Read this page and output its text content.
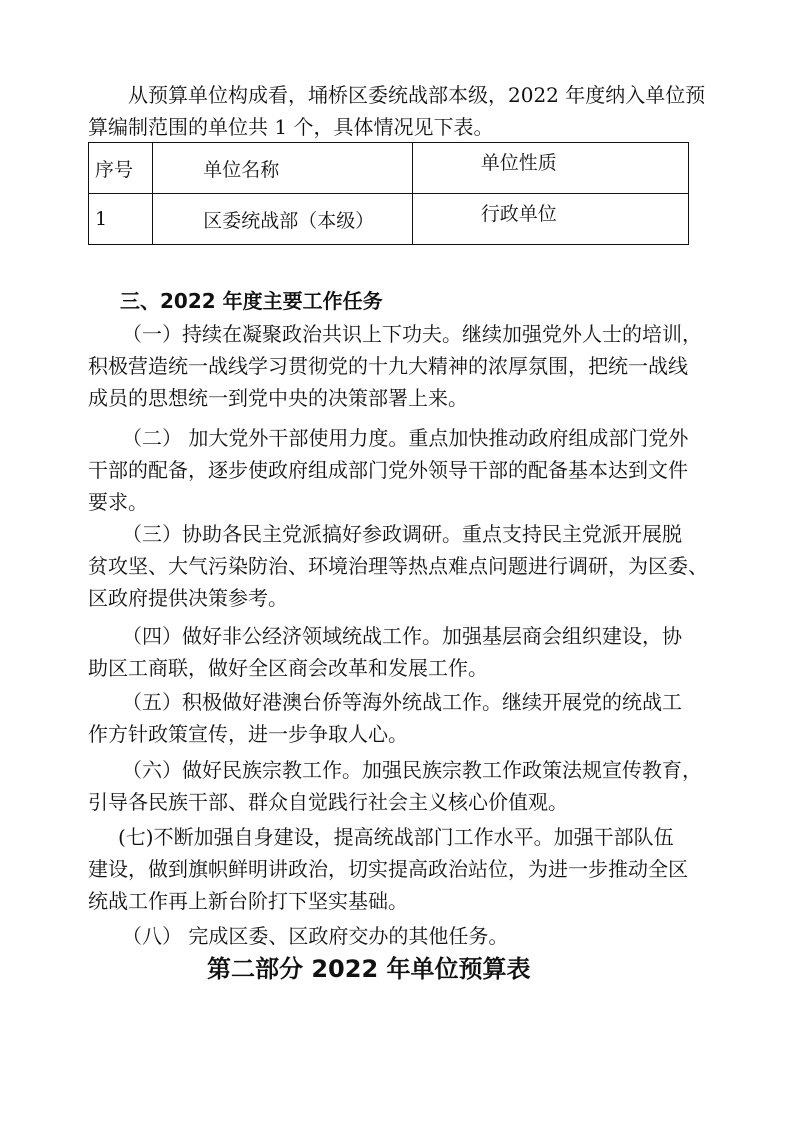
从预算单位构成看，埇桥区委统战部本级，2022 年度纳入单位预
算编制范围的单位共 1 个，具体情况见下表。
序号	单位名称	单位性质

1	区委统战部（本级）	行政单位
三、2022 年度主要工作任务
（一）持续在凝聚政治共识上下功夫。继续加强党外人士的培训，
积极营造统一战线学习贯彻党的十九大精神的浓厚氛围，把统一战线
成员的思想统一到党中央的决策部署上来。
（二） 加大党外干部使用力度。重点加快推动政府组成部门党外
干部的配备，逐步使政府组成部门党外领导干部的配备基本达到文件
要求。
（三）协助各民主党派搞好参政调研。重点支持民主党派开展脱
贫攻坚、大气污染防治、环境治理等热点难点问题进行调研，为区委、
区政府提供决策参考。
（四）做好非公经济领域统战工作。加强基层商会组织建设，协
助区工商联，做好全区商会改革和发展工作。
（五）积极做好港澳台侨等海外统战工作。继续开展党的统战工
作方针政策宣传，进一步争取人心。
（六）做好民族宗教工作。加强民族宗教工作政策法规宣传教育，
引导各民族干部、群众自觉践行社会主义核心价值观。
(七)不断加强自身建设，提高统战部门工作水平。加强干部队伍
建设，做到旗帜鲜明讲政治，切实提高政治站位，为进一步推动全区
统战工作再上新台阶打下坚实基础。
（八） 完成区委、区政府交办的其他任务。
第二部分 2022 年单位预算表
